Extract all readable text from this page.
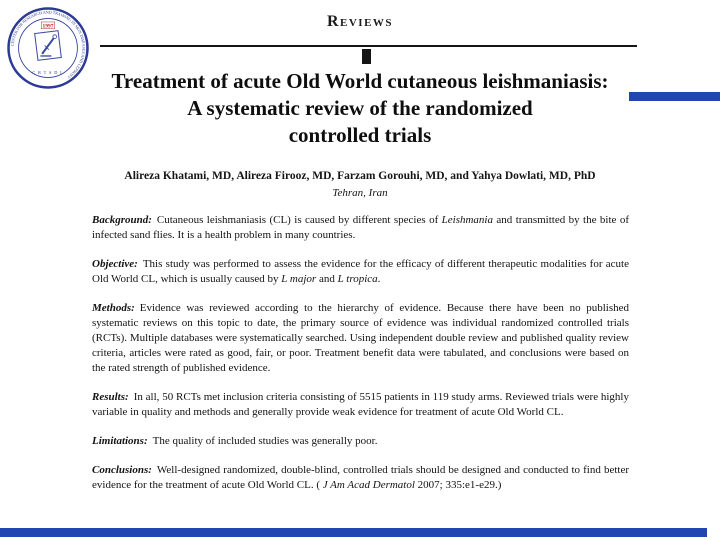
CENTER FOR RESEARCH AND TRAINING IN SKIN DISEASES AND LEPROSY
1997
C R T S D L
Reviews
Treatment of acute Old World cutaneous leishmaniasis:
A systematic review of the randomized
controlled trials
Alireza Khatami, MD, Alireza Firooz, MD, Farzam Gorouhi, MD, and Yahya Dowlati, MD, PhD
Tehran, Iran

Background: Cutaneous leishmaniasis (CL) is caused by different species of Leishmania and transmitted by the bite of infected sand flies. It is a health problem in many countries.

Objective: This study was performed to assess the evidence for the efficacy of different therapeutic modalities for acute Old World CL, which is usually caused by L major and L tropica.

Methods: Evidence was reviewed according to the hierarchy of evidence. Because there have been no published systematic reviews on this topic to date, the primary source of evidence was individual randomized controlled trials (RCTs). Multiple databases were systematically searched. Using independent double review and published quality review criteria, articles were rated as good, fair, or poor. Treatment benefit data were tabulated, and conclusions were based on the rated strength of published evidence.

Results: In all, 50 RCTs met inclusion criteria consisting of 5515 patients in 119 study arms. Reviewed trials were highly variable in quality and methods and generally provide weak evidence for treatment of acute Old World CL.

Limitations: The quality of included studies was generally poor.

Conclusions: Well-designed randomized, double-blind, controlled trials should be designed and conducted to find better evidence for the treatment of acute Old World CL. ( J Am Acad Dermatol 2007; 335:e1-e29.)
